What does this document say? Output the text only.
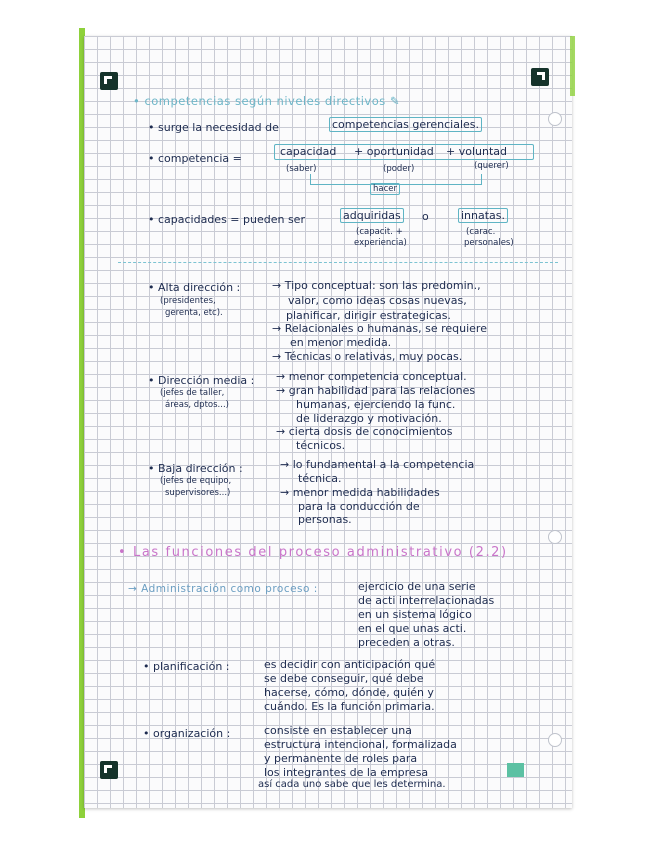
• competencias según niveles directivos ✎
• surge la necesidad de	competencias gerenciales.
• competencia =
capacidad + oportunidad + voluntad
(saber)	(poder)	(querer)
hacer
• capacidades = pueden ser	adquiridas o	innatas.
(capacit. +
experiencia)
(carac.
personales)
• Alta dirección :
(presidentes,
gerenta, etc).
→ Tipo conceptual: son las predomin.,
valor, como ideas cosas nuevas,
planificar, dirigir estrategicas.
→ Relacionales o humanas, se requiere
en menor medida.
→ Técnicas o relativas, muy pocas.
• Dirección media :
(jefes de taller,
áreas, dptos...)
→ menor competencia conceptual.
→ gran habilidad para las relaciones
humanas, ejerciendo la func.
de liderazgo y motivación.
→ cierta dosis de conocimientos
técnicos.
• Baja dirección :
(jefes de equipo,
supervisores...)
→ lo fundamental a la competencia
técnica.
→ menor medida habilidades
para la conducción de
personas.
• Las funciones del proceso administrativo (2.2)
→ Administración como proceso :	ejercicio de una serie
de acti interrelacionadas
en un sistema lógico
en el que unas acti.
preceden a otras.
• planificación :	es decidir con anticipación qué
se debe conseguir, qué debe
hacerse, cómo, dónde, quién y
cuándo. Es la función primaria.
• organización :	consiste en establecer una
estructura intencional, formalizada
y permanente de roles para
los integrantes de la empresa
así cada uno sabe que les determina.
